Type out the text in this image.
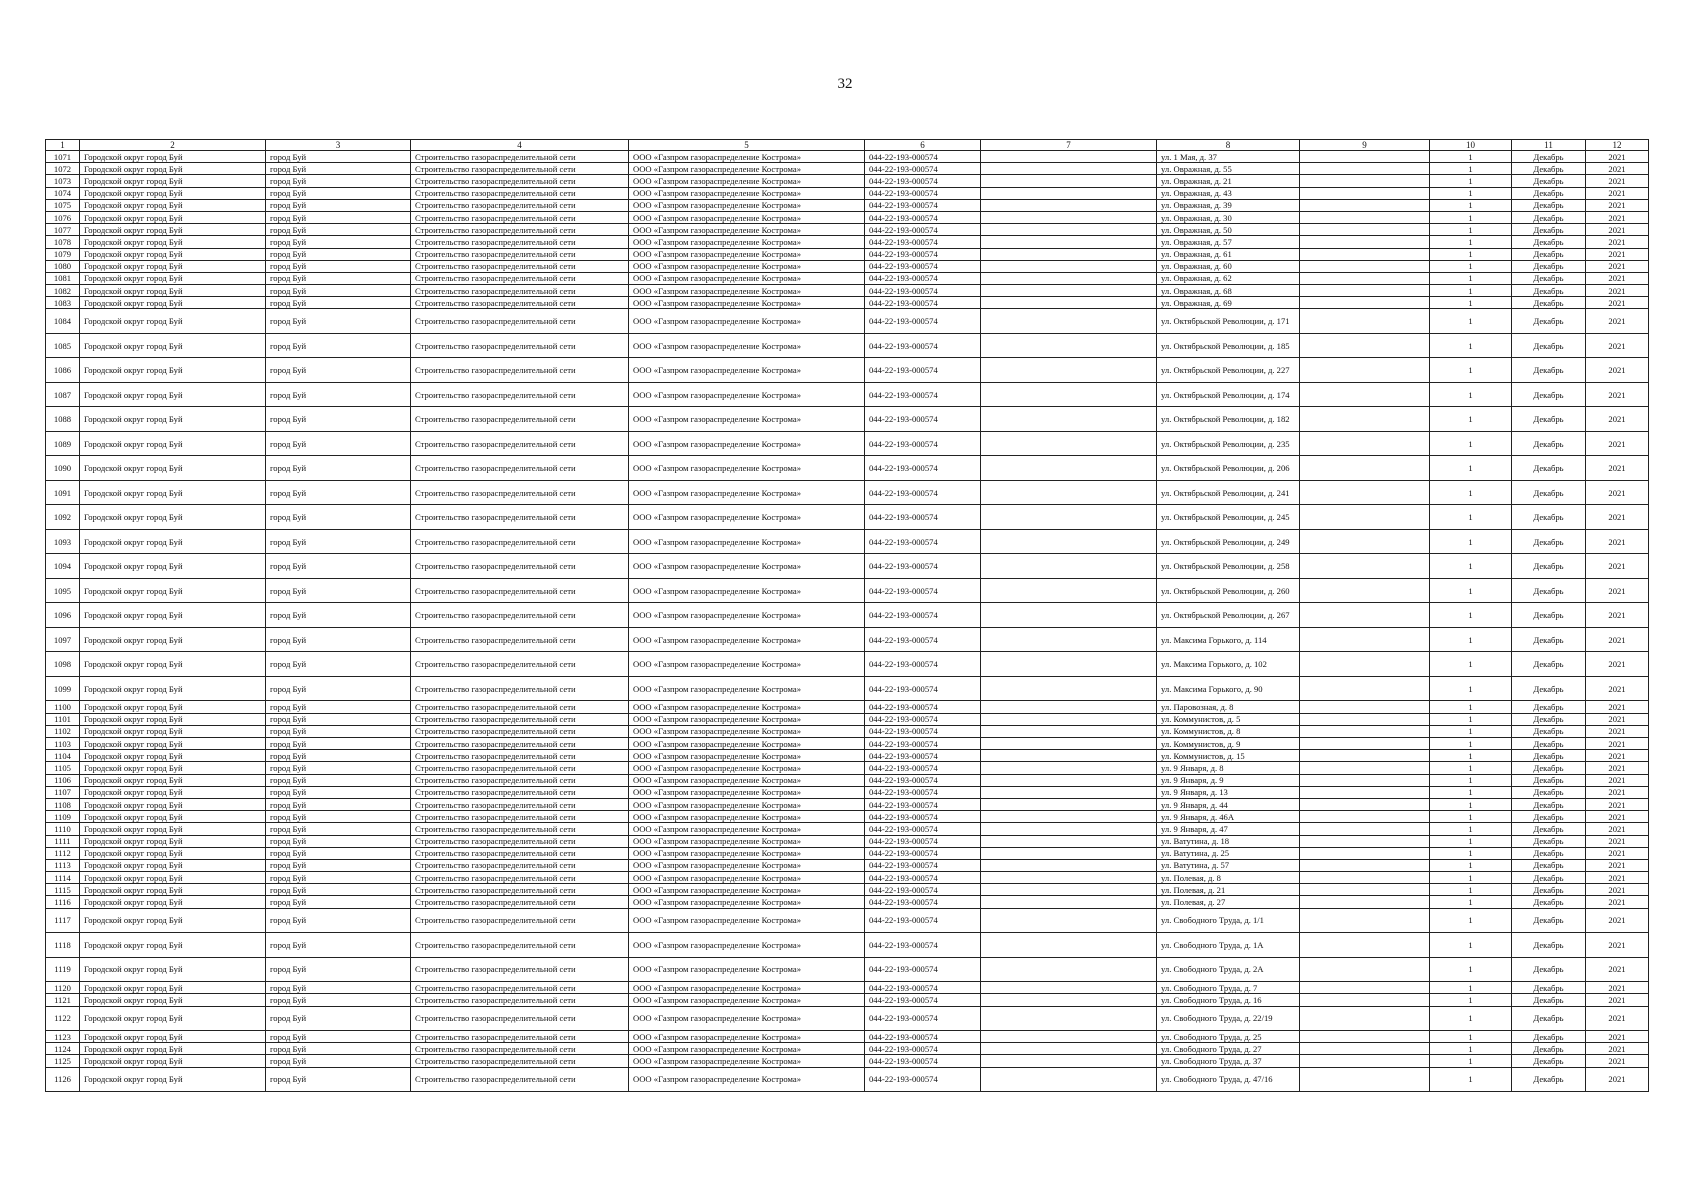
32
1	2	3	4	5	6	7	8	9	10	11	12
1071	Городской округ город Буй	город Буй	Строительство газораспределительной сети	ООО «Газпром газораспределение Кострома»	044-22-193-000574		ул. 1 Мая, д. 37		1	Декабрь	2021
1072	Городской округ город Буй	город Буй	Строительство газораспределительной сети	ООО «Газпром газораспределение Кострома»	044-22-193-000574		ул. Овражная, д. 55		1	Декабрь	2021
1073	Городской округ город Буй	город Буй	Строительство газораспределительной сети	ООО «Газпром газораспределение Кострома»	044-22-193-000574		ул. Овражная, д. 21		1	Декабрь	2021
1074	Городской округ город Буй	город Буй	Строительство газораспределительной сети	ООО «Газпром газораспределение Кострома»	044-22-193-000574		ул. Овражная, д. 43		1	Декабрь	2021
1075	Городской округ город Буй	город Буй	Строительство газораспределительной сети	ООО «Газпром газораспределение Кострома»	044-22-193-000574		ул. Овражная, д. 39		1	Декабрь	2021
1076	Городской округ город Буй	город Буй	Строительство газораспределительной сети	ООО «Газпром газораспределение Кострома»	044-22-193-000574		ул. Овражная, д. 30		1	Декабрь	2021
1077	Городской округ город Буй	город Буй	Строительство газораспределительной сети	ООО «Газпром газораспределение Кострома»	044-22-193-000574		ул. Овражная, д. 50		1	Декабрь	2021
1078	Городской округ город Буй	город Буй	Строительство газораспределительной сети	ООО «Газпром газораспределение Кострома»	044-22-193-000574		ул. Овражная, д. 57		1	Декабрь	2021
1079	Городской округ город Буй	город Буй	Строительство газораспределительной сети	ООО «Газпром газораспределение Кострома»	044-22-193-000574		ул. Овражная, д. 61		1	Декабрь	2021
1080	Городской округ город Буй	город Буй	Строительство газораспределительной сети	ООО «Газпром газораспределение Кострома»	044-22-193-000574		ул. Овражная, д. 60		1	Декабрь	2021
1081	Городской округ город Буй	город Буй	Строительство газораспределительной сети	ООО «Газпром газораспределение Кострома»	044-22-193-000574		ул. Овражная, д. 62		1	Декабрь	2021
1082	Городской округ город Буй	город Буй	Строительство газораспределительной сети	ООО «Газпром газораспределение Кострома»	044-22-193-000574		ул. Овражная, д. 68		1	Декабрь	2021
1083	Городской округ город Буй	город Буй	Строительство газораспределительной сети	ООО «Газпром газораспределение Кострома»	044-22-193-000574		ул. Овражная, д. 69		1	Декабрь	2021
1084	Городской округ город Буй	город Буй	Строительство газораспределительной сети	ООО «Газпром газораспределение Кострома»	044-22-193-000574		ул. Октябрьской Революции, д. 171		1	Декабрь	2021
1085	Городской округ город Буй	город Буй	Строительство газораспределительной сети	ООО «Газпром газораспределение Кострома»	044-22-193-000574		ул. Октябрьской Революции, д. 185		1	Декабрь	2021
1086	Городской округ город Буй	город Буй	Строительство газораспределительной сети	ООО «Газпром газораспределение Кострома»	044-22-193-000574		ул. Октябрьской Революции, д. 227		1	Декабрь	2021
1087	Городской округ город Буй	город Буй	Строительство газораспределительной сети	ООО «Газпром газораспределение Кострома»	044-22-193-000574		ул. Октябрьской Революции, д. 174		1	Декабрь	2021
1088	Городской округ город Буй	город Буй	Строительство газораспределительной сети	ООО «Газпром газораспределение Кострома»	044-22-193-000574		ул. Октябрьской Революции, д. 182		1	Декабрь	2021
1089	Городской округ город Буй	город Буй	Строительство газораспределительной сети	ООО «Газпром газораспределение Кострома»	044-22-193-000574		ул. Октябрьской Революции, д. 235		1	Декабрь	2021
1090	Городской округ город Буй	город Буй	Строительство газораспределительной сети	ООО «Газпром газораспределение Кострома»	044-22-193-000574		ул. Октябрьской Революции, д. 206		1	Декабрь	2021
1091	Городской округ город Буй	город Буй	Строительство газораспределительной сети	ООО «Газпром газораспределение Кострома»	044-22-193-000574		ул. Октябрьской Революции, д. 241		1	Декабрь	2021
1092	Городской округ город Буй	город Буй	Строительство газораспределительной сети	ООО «Газпром газораспределение Кострома»	044-22-193-000574		ул. Октябрьской Революции, д. 245		1	Декабрь	2021
1093	Городской округ город Буй	город Буй	Строительство газораспределительной сети	ООО «Газпром газораспределение Кострома»	044-22-193-000574		ул. Октябрьской Революции, д. 249		1	Декабрь	2021
1094	Городской округ город Буй	город Буй	Строительство газораспределительной сети	ООО «Газпром газораспределение Кострома»	044-22-193-000574		ул. Октябрьской Революции, д. 258		1	Декабрь	2021
1095	Городской округ город Буй	город Буй	Строительство газораспределительной сети	ООО «Газпром газораспределение Кострома»	044-22-193-000574		ул. Октябрьской Революции, д. 260		1	Декабрь	2021
1096	Городской округ город Буй	город Буй	Строительство газораспределительной сети	ООО «Газпром газораспределение Кострома»	044-22-193-000574		ул. Октябрьской Революции, д. 267		1	Декабрь	2021
1097	Городской округ город Буй	город Буй	Строительство газораспределительной сети	ООО «Газпром газораспределение Кострома»	044-22-193-000574		ул. Максима Горького, д. 114		1	Декабрь	2021
1098	Городской округ город Буй	город Буй	Строительство газораспределительной сети	ООО «Газпром газораспределение Кострома»	044-22-193-000574		ул. Максима Горького, д. 102		1	Декабрь	2021
1099	Городской округ город Буй	город Буй	Строительство газораспределительной сети	ООО «Газпром газораспределение Кострома»	044-22-193-000574		ул. Максима Горького, д. 90		1	Декабрь	2021
1100	Городской округ город Буй	город Буй	Строительство газораспределительной сети	ООО «Газпром газораспределение Кострома»	044-22-193-000574		ул. Паровозная, д. 8		1	Декабрь	2021
1101	Городской округ город Буй	город Буй	Строительство газораспределительной сети	ООО «Газпром газораспределение Кострома»	044-22-193-000574		ул. Коммунистов, д. 5		1	Декабрь	2021
1102	Городской округ город Буй	город Буй	Строительство газораспределительной сети	ООО «Газпром газораспределение Кострома»	044-22-193-000574		ул. Коммунистов, д. 8		1	Декабрь	2021
1103	Городской округ город Буй	город Буй	Строительство газораспределительной сети	ООО «Газпром газораспределение Кострома»	044-22-193-000574		ул. Коммунистов, д. 9		1	Декабрь	2021
1104	Городской округ город Буй	город Буй	Строительство газораспределительной сети	ООО «Газпром газораспределение Кострома»	044-22-193-000574		ул. Коммунистов, д. 15		1	Декабрь	2021
1105	Городской округ город Буй	город Буй	Строительство газораспределительной сети	ООО «Газпром газораспределение Кострома»	044-22-193-000574		ул. 9 Января, д. 8		1	Декабрь	2021
1106	Городской округ город Буй	город Буй	Строительство газораспределительной сети	ООО «Газпром газораспределение Кострома»	044-22-193-000574		ул. 9 Января, д. 9		1	Декабрь	2021
1107	Городской округ город Буй	город Буй	Строительство газораспределительной сети	ООО «Газпром газораспределение Кострома»	044-22-193-000574		ул. 9 Января, д. 13		1	Декабрь	2021
1108	Городской округ город Буй	город Буй	Строительство газораспределительной сети	ООО «Газпром газораспределение Кострома»	044-22-193-000574		ул. 9 Января, д. 44		1	Декабрь	2021
1109	Городской округ город Буй	город Буй	Строительство газораспределительной сети	ООО «Газпром газораспределение Кострома»	044-22-193-000574		ул. 9 Января, д. 46А		1	Декабрь	2021
1110	Городской округ город Буй	город Буй	Строительство газораспределительной сети	ООО «Газпром газораспределение Кострома»	044-22-193-000574		ул. 9 Января, д. 47		1	Декабрь	2021
1111	Городской округ город Буй	город Буй	Строительство газораспределительной сети	ООО «Газпром газораспределение Кострома»	044-22-193-000574		ул. Ватутина, д. 18		1	Декабрь	2021
1112	Городской округ город Буй	город Буй	Строительство газораспределительной сети	ООО «Газпром газораспределение Кострома»	044-22-193-000574		ул. Ватутина, д. 25		1	Декабрь	2021
1113	Городской округ город Буй	город Буй	Строительство газораспределительной сети	ООО «Газпром газораспределение Кострома»	044-22-193-000574		ул. Ватутина, д. 57		1	Декабрь	2021
1114	Городской округ город Буй	город Буй	Строительство газораспределительной сети	ООО «Газпром газораспределение Кострома»	044-22-193-000574		ул. Полевая, д. 8		1	Декабрь	2021
1115	Городской округ город Буй	город Буй	Строительство газораспределительной сети	ООО «Газпром газораспределение Кострома»	044-22-193-000574		ул. Полевая, д. 21		1	Декабрь	2021
1116	Городской округ город Буй	город Буй	Строительство газораспределительной сети	ООО «Газпром газораспределение Кострома»	044-22-193-000574		ул. Полевая, д. 27		1	Декабрь	2021
1117	Городской округ город Буй	город Буй	Строительство газораспределительной сети	ООО «Газпром газораспределение Кострома»	044-22-193-000574		ул. Свободного Труда, д. 1/1		1	Декабрь	2021
1118	Городской округ город Буй	город Буй	Строительство газораспределительной сети	ООО «Газпром газораспределение Кострома»	044-22-193-000574		ул. Свободного Труда, д. 1А		1	Декабрь	2021
1119	Городской округ город Буй	город Буй	Строительство газораспределительной сети	ООО «Газпром газораспределение Кострома»	044-22-193-000574		ул. Свободного Труда, д. 2А		1	Декабрь	2021
1120	Городской округ город Буй	город Буй	Строительство газораспределительной сети	ООО «Газпром газораспределение Кострома»	044-22-193-000574		ул. Свободного Труда, д. 7		1	Декабрь	2021
1121	Городской округ город Буй	город Буй	Строительство газораспределительной сети	ООО «Газпром газораспределение Кострома»	044-22-193-000574		ул. Свободного Труда, д. 16		1	Декабрь	2021
1122	Городской округ город Буй	город Буй	Строительство газораспределительной сети	ООО «Газпром газораспределение Кострома»	044-22-193-000574		ул. Свободного Труда, д. 22/19		1	Декабрь	2021
1123	Городской округ город Буй	город Буй	Строительство газораспределительной сети	ООО «Газпром газораспределение Кострома»	044-22-193-000574		ул. Свободного Труда, д. 25		1	Декабрь	2021
1124	Городской округ город Буй	город Буй	Строительство газораспределительной сети	ООО «Газпром газораспределение Кострома»	044-22-193-000574		ул. Свободного Труда, д. 27		1	Декабрь	2021
1125	Городской округ город Буй	город Буй	Строительство газораспределительной сети	ООО «Газпром газораспределение Кострома»	044-22-193-000574		ул. Свободного Труда, д. 37		1	Декабрь	2021
1126	Городской округ город Буй	город Буй	Строительство газораспределительной сети	ООО «Газпром газораспределение Кострома»	044-22-193-000574		ул. Свободного Труда, д. 47/16		1	Декабрь	2021
